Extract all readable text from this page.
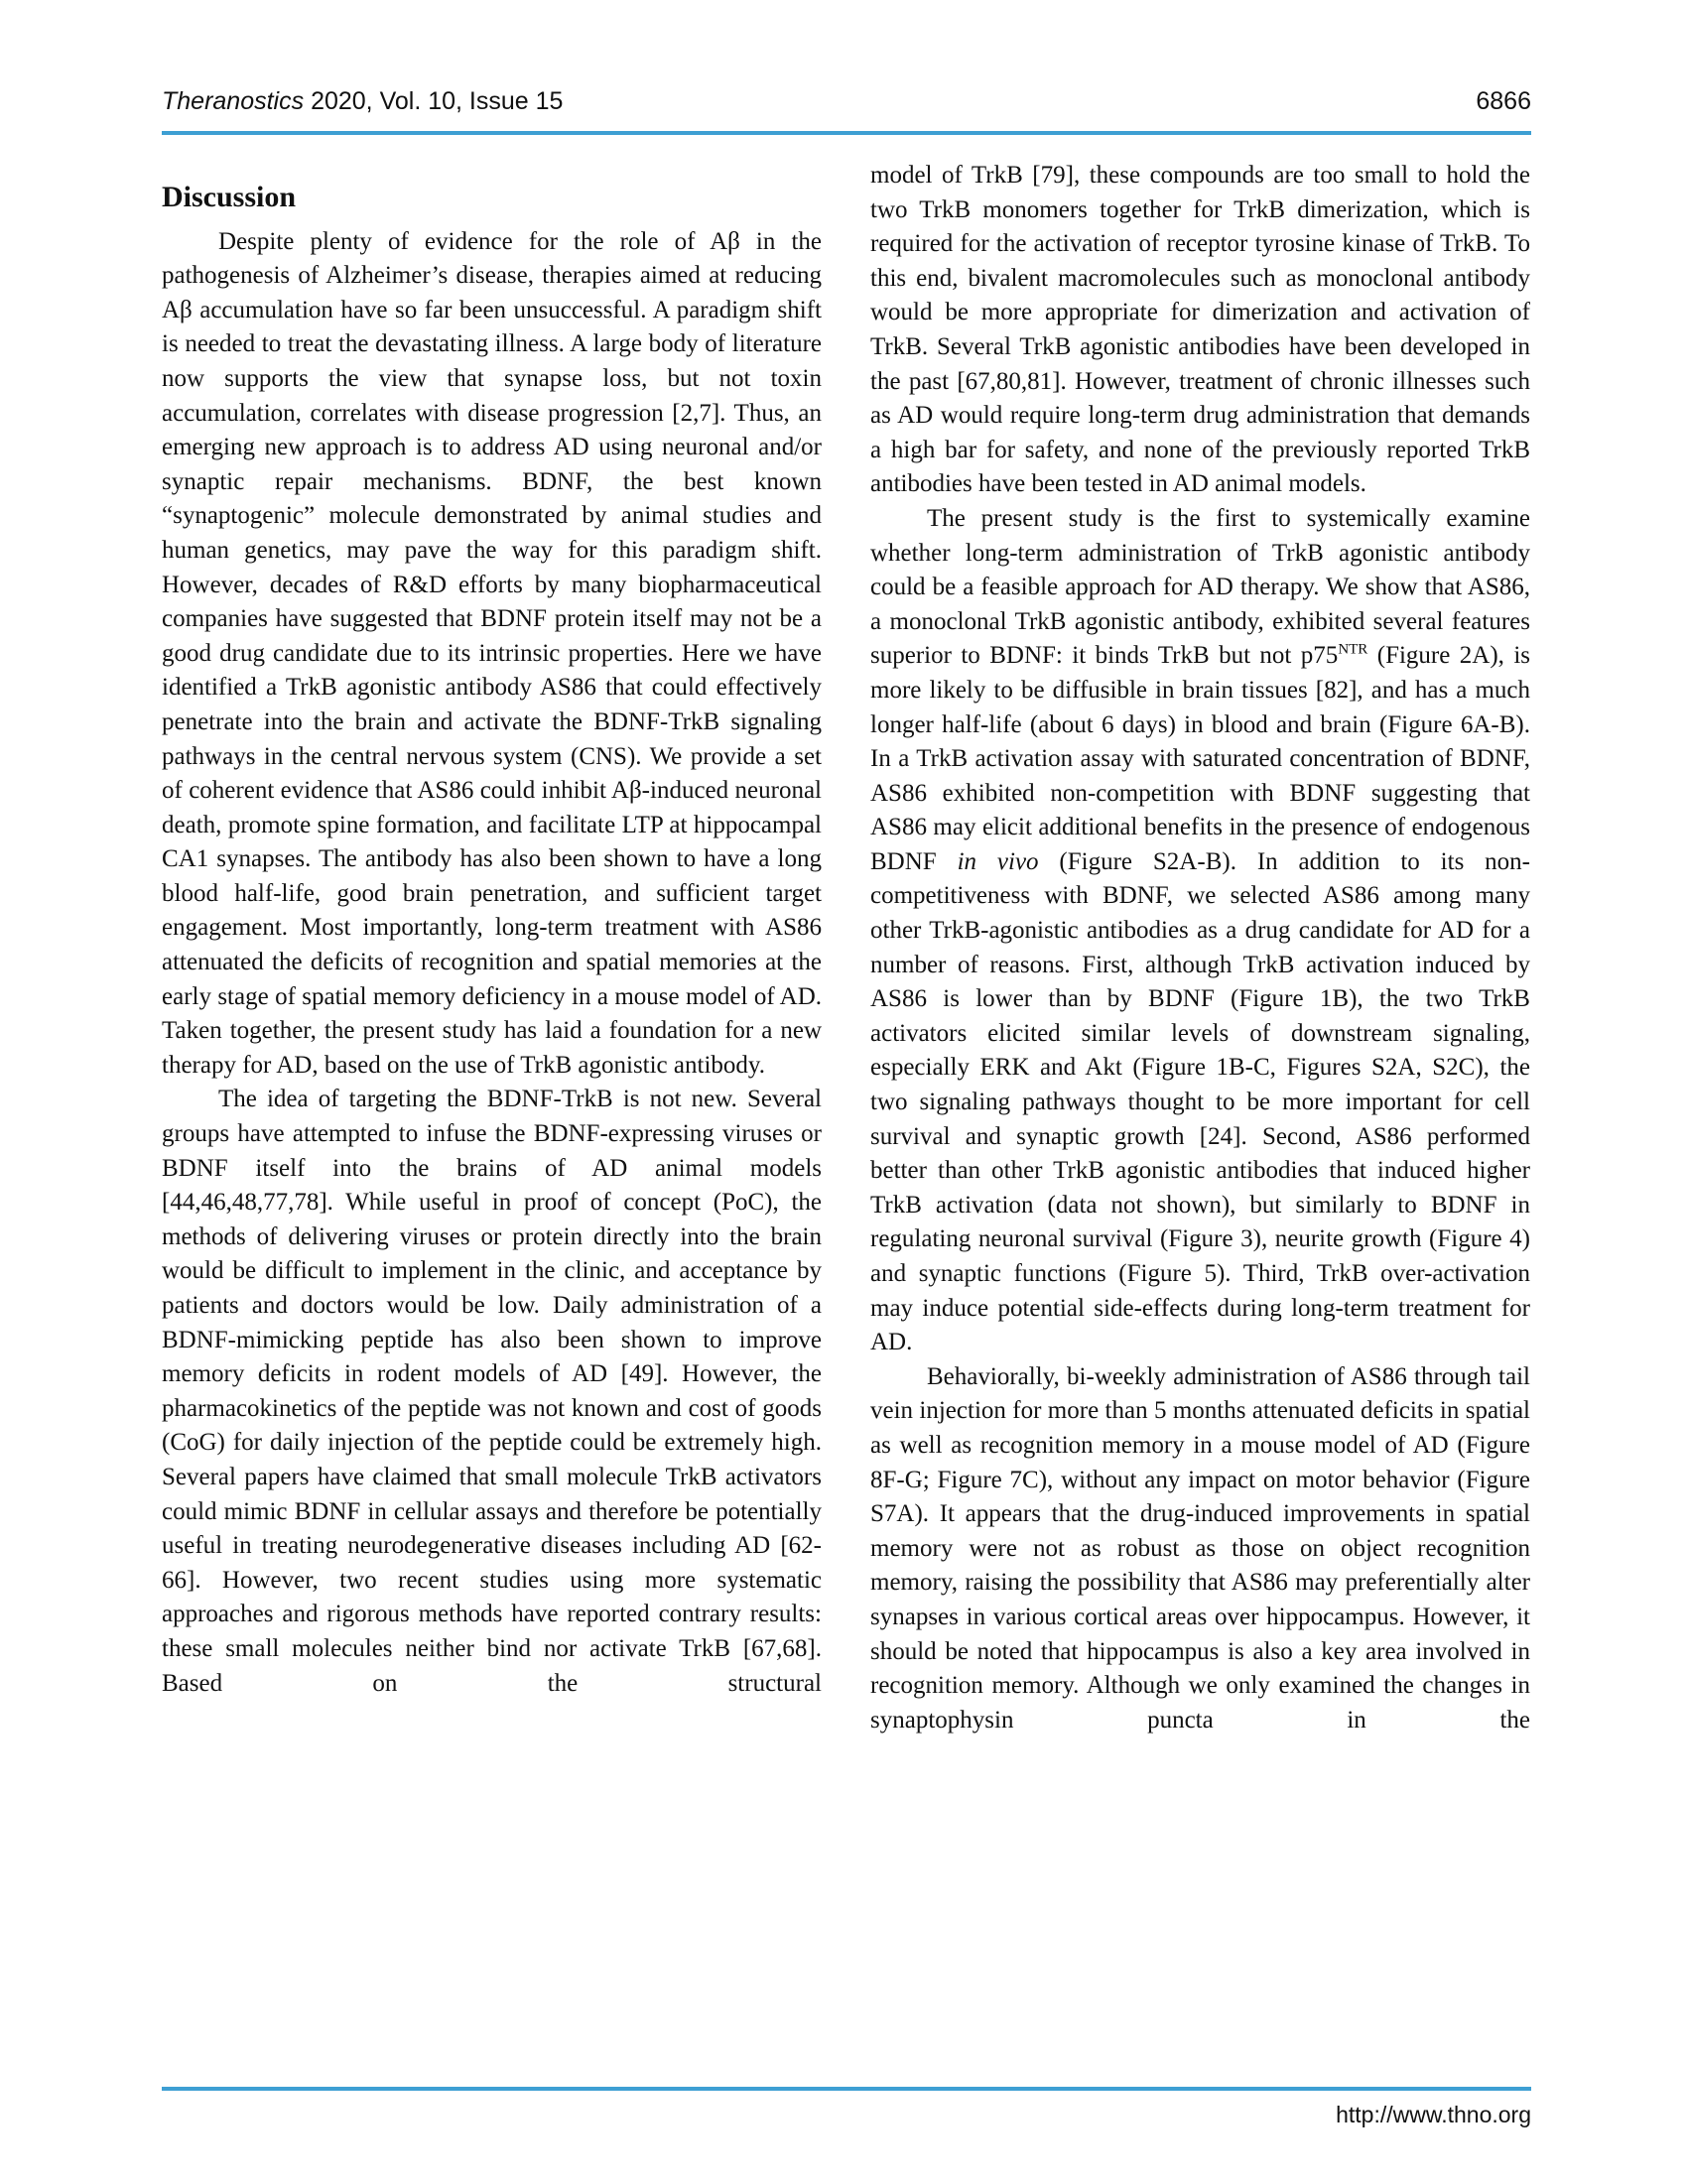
Theranostics 2020, Vol. 10, Issue 15	6866
Discussion

Despite plenty of evidence for the role of Aβ in the pathogenesis of Alzheimer’s disease, therapies aimed at reducing Aβ accumulation have so far been unsuccessful. A paradigm shift is needed to treat the devastating illness. A large body of literature now supports the view that synapse loss, but not toxin accumulation, correlates with disease progression [2,7]. Thus, an emerging new approach is to address AD using neuronal and/or synaptic repair mechanisms. BDNF, the best known “synaptogenic” molecule demonstrated by animal studies and human genetics, may pave the way for this paradigm shift. However, decades of R&D efforts by many biopharmaceutical companies have suggested that BDNF protein itself may not be a good drug candidate due to its intrinsic properties. Here we have identified a TrkB agonistic antibody AS86 that could effectively penetrate into the brain and activate the BDNF-TrkB signaling pathways in the central nervous system (CNS). We provide a set of coherent evidence that AS86 could inhibit Aβ-induced neuronal death, promote spine formation, and facilitate LTP at hippocampal CA1 synapses. The antibody has also been shown to have a long blood half-life, good brain penetration, and sufficient target engagement. Most importantly, long-term treatment with AS86 attenuated the deficits of recognition and spatial memories at the early stage of spatial memory deficiency in a mouse model of AD. Taken together, the present study has laid a foundation for a new therapy for AD, based on the use of TrkB agonistic antibody.

The idea of targeting the BDNF-TrkB is not new. Several groups have attempted to infuse the BDNF-expressing viruses or BDNF itself into the brains of AD animal models [44,46,48,77,78]. While useful in proof of concept (PoC), the methods of delivering viruses or protein directly into the brain would be difficult to implement in the clinic, and acceptance by patients and doctors would be low. Daily administration of a BDNF-mimicking peptide has also been shown to improve memory deficits in rodent models of AD [49]. However, the pharmacokinetics of the peptide was not known and cost of goods (CoG) for daily injection of the peptide could be extremely high. Several papers have claimed that small molecule TrkB activators could mimic BDNF in cellular assays and therefore be potentially useful in treating neurodegenerative diseases including AD [62-66]. However, two recent studies using more systematic approaches and rigorous methods have reported contrary results: these small molecules neither bind nor activate TrkB [67,68]. Based on the structural

model of TrkB [79], these compounds are too small to hold the two TrkB monomers together for TrkB dimerization, which is required for the activation of receptor tyrosine kinase of TrkB. To this end, bivalent macromolecules such as monoclonal antibody would be more appropriate for dimerization and activation of TrkB. Several TrkB agonistic antibodies have been developed in the past [67,80,81]. However, treatment of chronic illnesses such as AD would require long-term drug administration that demands a high bar for safety, and none of the previously reported TrkB antibodies have been tested in AD animal models.

The present study is the first to systemically examine whether long-term administration of TrkB agonistic antibody could be a feasible approach for AD therapy. We show that AS86, a monoclonal TrkB agonistic antibody, exhibited several features superior to BDNF: it binds TrkB but not $p75^{NTR}$ (Figure 2A), is more likely to be diffusible in brain tissues [82], and has a much longer half-life (about 6 days) in blood and brain (Figure 6A-B). In a TrkB activation assay with saturated concentration of BDNF, AS86 exhibited non-competition with BDNF suggesting that AS86 may elicit additional benefits in the presence of endogenous BDNF in vivo (Figure S2A-B). In addition to its non-competitiveness with BDNF, we selected AS86 among many other TrkB-agonistic antibodies as a drug candidate for AD for a number of reasons. First, although TrkB activation induced by AS86 is lower than by BDNF (Figure 1B), the two TrkB activators elicited similar levels of downstream signaling, especially ERK and Akt (Figure 1B-C, Figures S2A, S2C), the two signaling pathways thought to be more important for cell survival and synaptic growth [24]. Second, AS86 performed better than other TrkB agonistic antibodies that induced higher TrkB activation (data not shown), but similarly to BDNF in regulating neuronal survival (Figure 3), neurite growth (Figure 4) and synaptic functions (Figure 5). Third, TrkB over-activation may induce potential side-effects during long-term treatment for AD.

Behaviorally, bi-weekly administration of AS86 through tail vein injection for more than 5 months attenuated deficits in spatial as well as recognition memory in a mouse model of AD (Figure 8F-G; Figure 7C), without any impact on motor behavior (Figure S7A). It appears that the drug-induced improvements in spatial memory were not as robust as those on object recognition memory, raising the possibility that AS86 may preferentially alter synapses in various cortical areas over hippocampus. However, it should be noted that hippocampus is also a key area involved in recognition memory. Although we only examined the changes in synaptophysin puncta in the

http://www.thno.org
